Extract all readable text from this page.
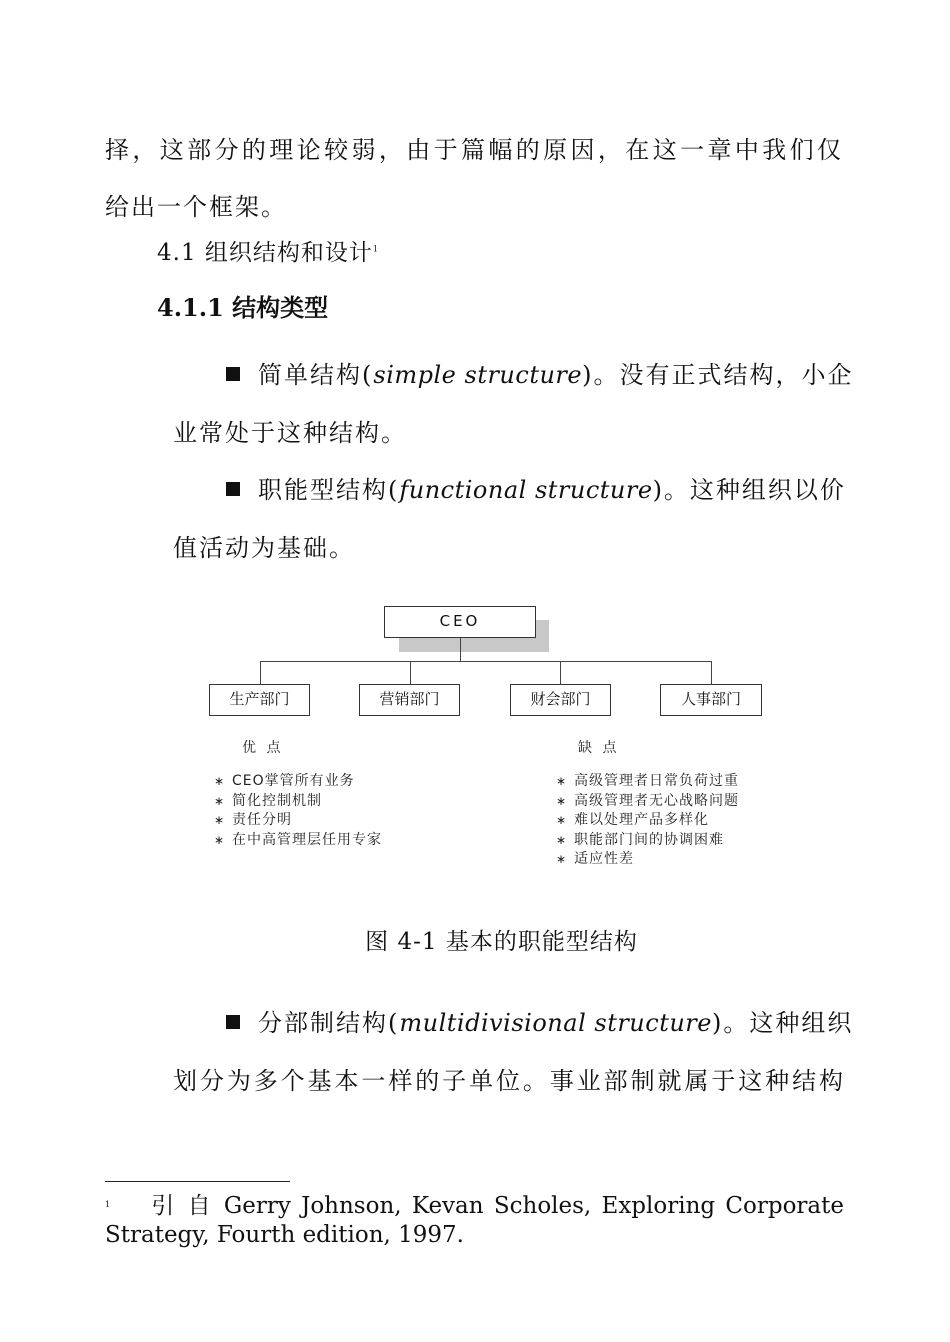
择，这部分的理论较弱，由于篇幅的原因，在这一章中我们仅
给出一个框架。
4.1 组织结构和设计$^1$
4.1.1 结构类型
简单结构(simple structure)。没有正式结构，小企
业常处于这种结构。
职能型结构(functional structure)。这种组织以价
值活动为基础。
CEO
生产部门	营销部门	财会部门	人事部门
优 点	缺 点
∗ CEO掌管所有业务
∗ 简化控制机制
∗ 责任分明
∗ 在中高管理层任用专家
∗ 高级管理者日常负荷过重
∗ 高级管理者无心战略问题
∗ 难以处理产品多样化
∗ 职能部门间的协调困难
∗ 适应性差
图 4-1 基本的职能型结构
分部制结构(multidivisional structure)。这种组织
划分为多个基本一样的子单位。事业部制就属于这种结构
$^1$ 引 自 Gerry Johnson, Kevan Scholes, Exploring Corporate
Strategy, Fourth edition, 1997.
